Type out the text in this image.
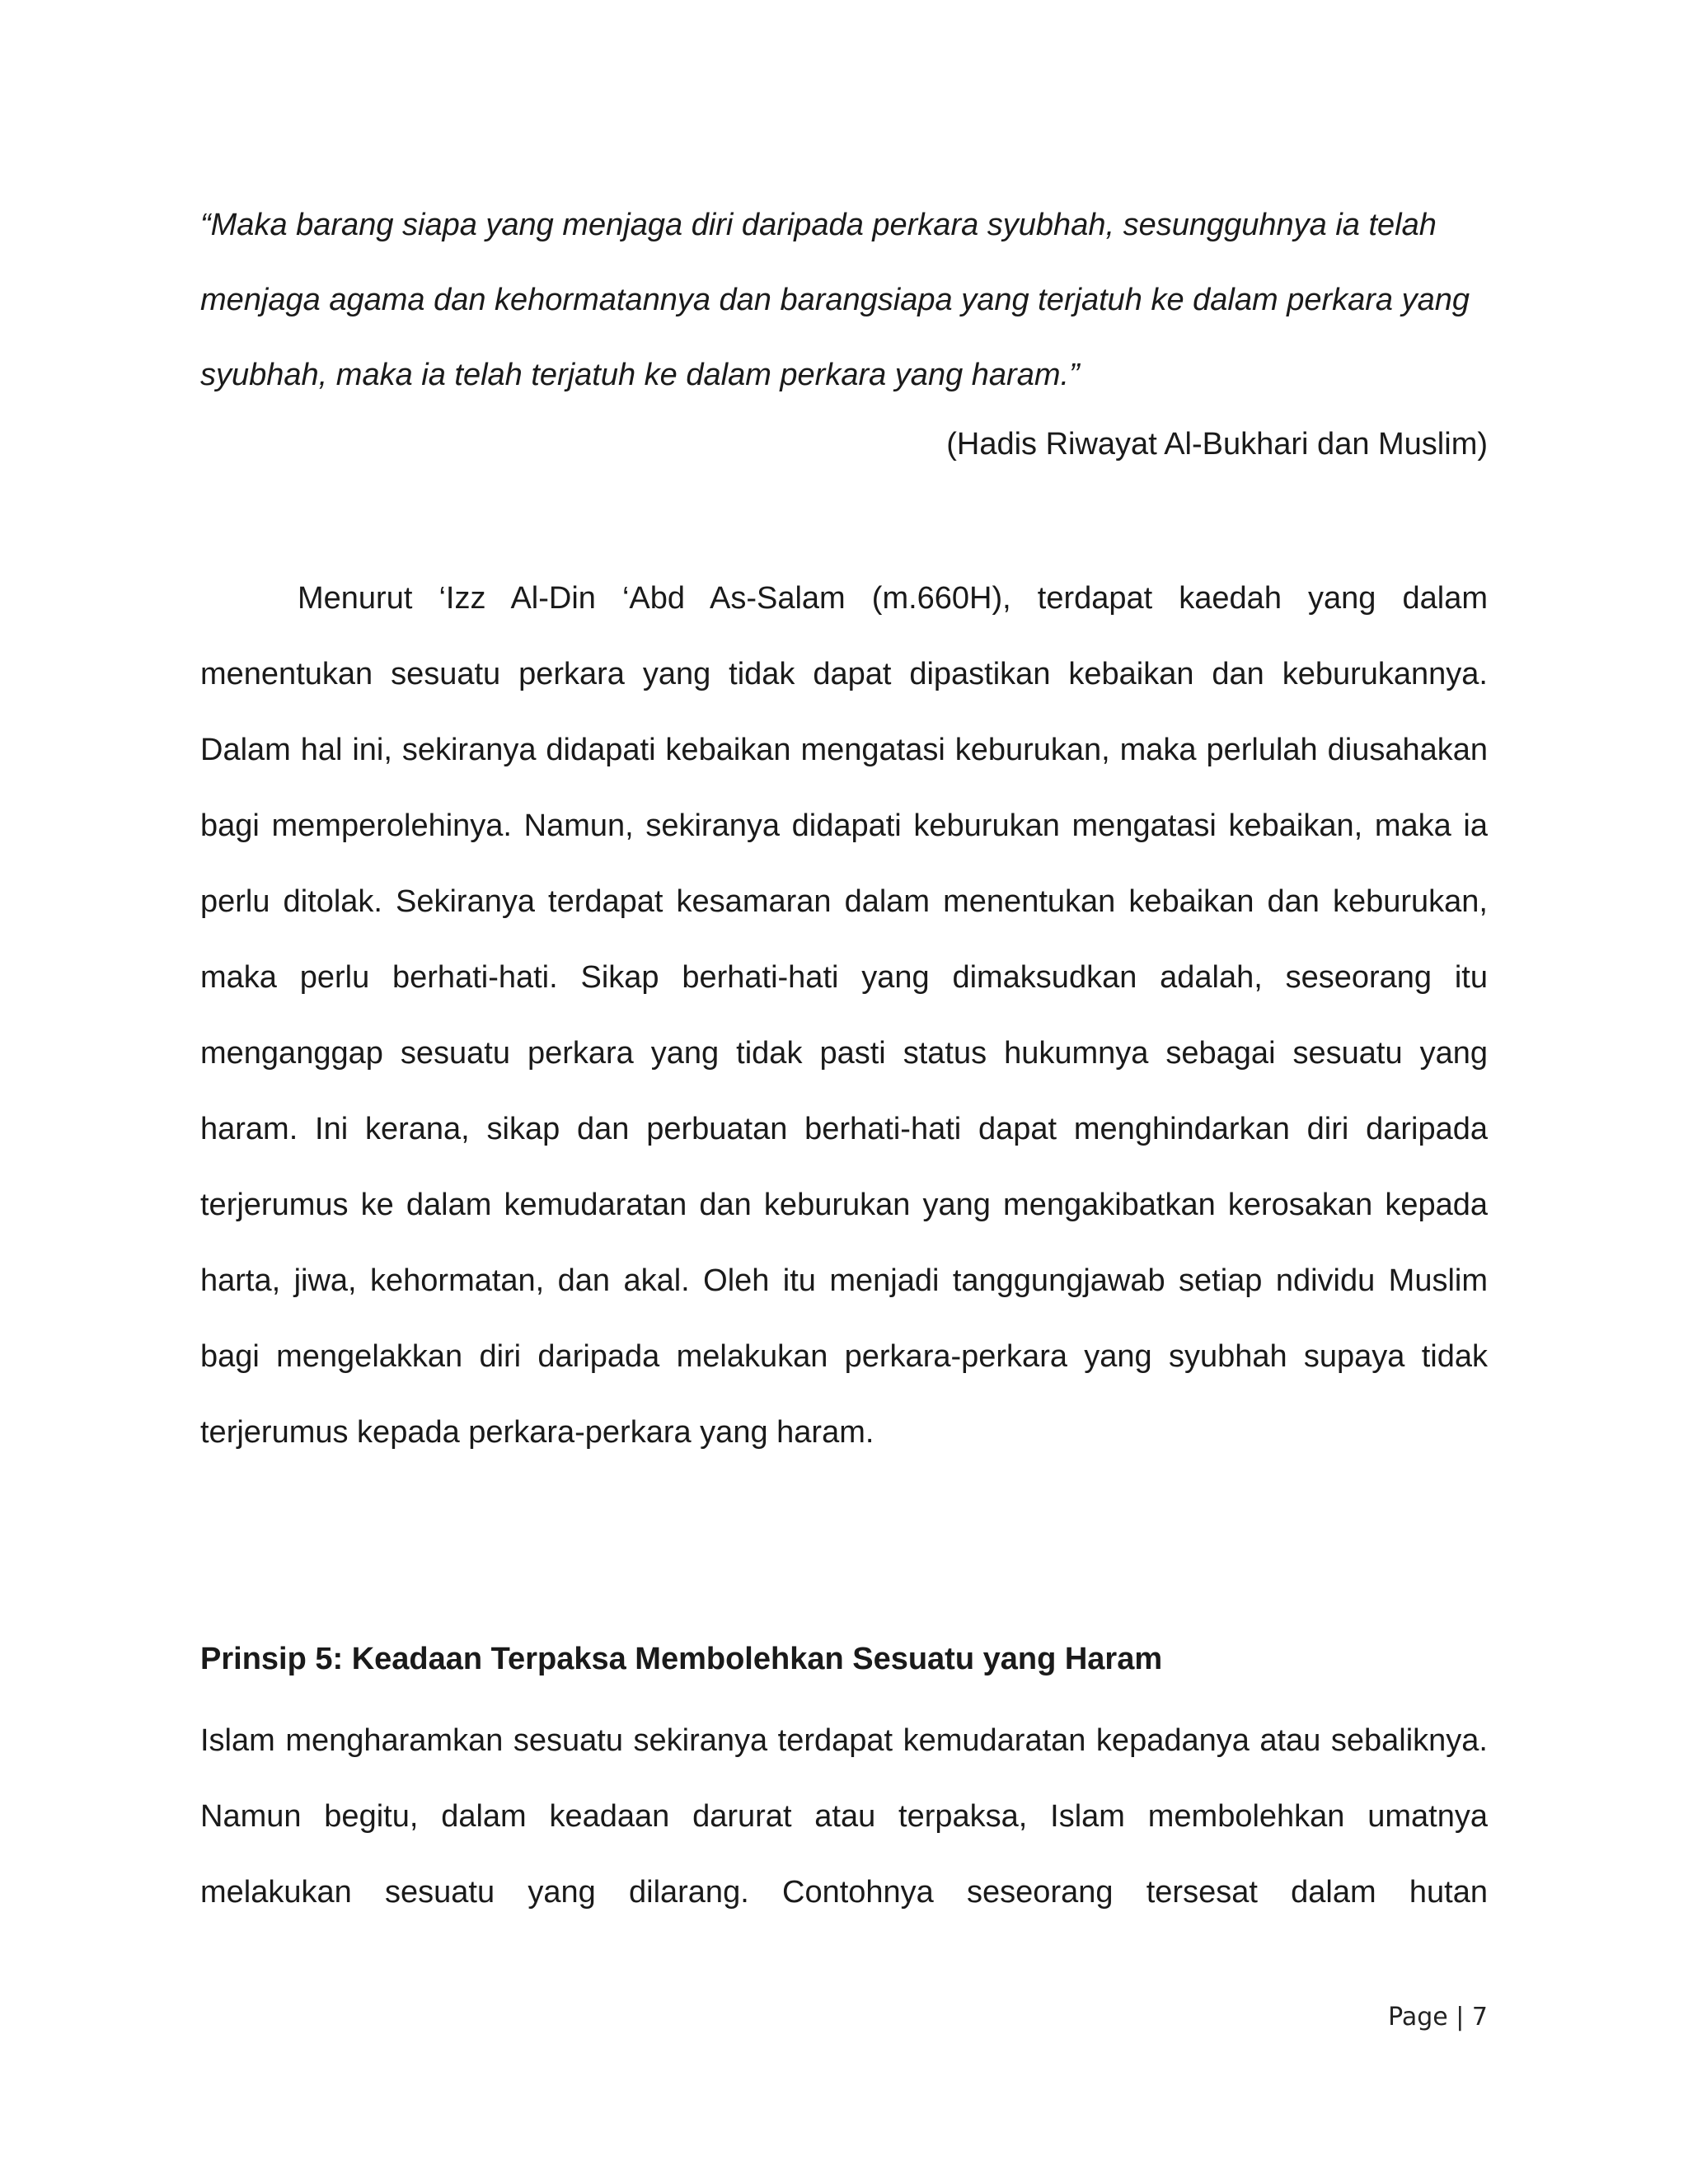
“Maka barang siapa yang menjaga diri daripada perkara syubhah, sesungguhnya ia telah menjaga agama dan kehormatannya dan barangsiapa yang terjatuh ke dalam perkara yang syubhah, maka ia telah terjatuh ke dalam perkara yang haram.”
(Hadis Riwayat Al-Bukhari dan Muslim)
Menurut ‘Izz Al-Din ‘Abd As-Salam (m.660H), terdapat kaedah yang dalam menentukan sesuatu perkara yang tidak dapat dipastikan kebaikan dan keburukannya. Dalam hal ini, sekiranya didapati kebaikan mengatasi keburukan, maka perlulah diusahakan bagi memperolehinya. Namun, sekiranya didapati keburukan mengatasi kebaikan, maka ia perlu ditolak. Sekiranya terdapat kesamaran dalam menentukan kebaikan dan keburukan, maka perlu berhati-hati. Sikap berhati-hati yang dimaksudkan adalah, seseorang itu menganggap sesuatu perkara yang tidak pasti status hukumnya sebagai sesuatu yang haram. Ini kerana, sikap dan perbuatan berhati-hati dapat menghindarkan diri daripada terjerumus ke dalam kemudaratan dan keburukan yang mengakibatkan kerosakan kepada harta, jiwa, kehormatan, dan akal. Oleh itu menjadi tanggungjawab setiap ndividu Muslim bagi mengelakkan diri daripada melakukan perkara-perkara yang syubhah supaya tidak terjerumus kepada perkara-perkara yang haram.
Prinsip 5: Keadaan Terpaksa Membolehkan Sesuatu yang Haram
Islam mengharamkan sesuatu sekiranya terdapat kemudaratan kepadanya atau sebaliknya. Namun begitu, dalam keadaan darurat atau terpaksa, Islam membolehkan umatnya melakukan sesuatu yang dilarang. Contohnya seseorang tersesat dalam hutan
Page | 7
